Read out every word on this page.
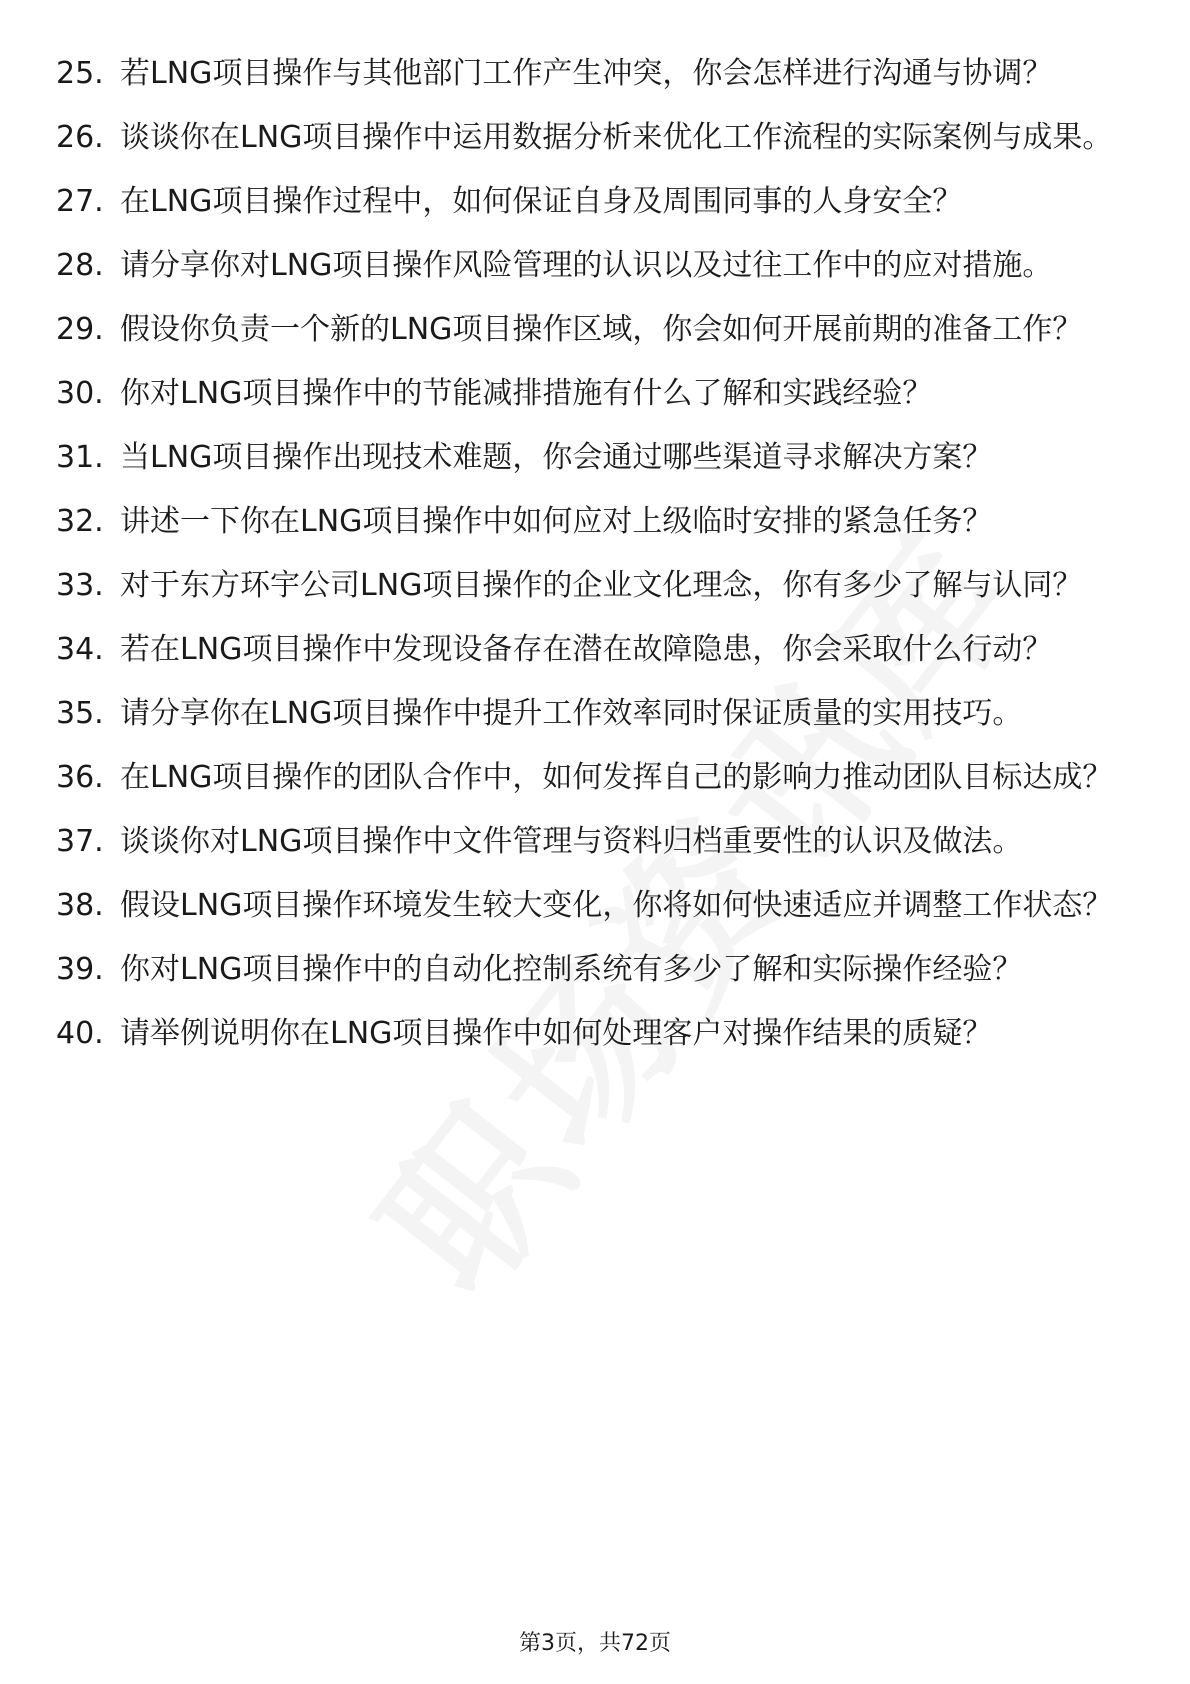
25. 若LNG项目操作与其他部门工作产生冲突，你会怎样进行沟通与协调？
26. 谈谈你在LNG项目操作中运用数据分析来优化工作流程的实际案例与成果。
27. 在LNG项目操作过程中，如何保证自身及周围同事的人身安全？
28. 请分享你对LNG项目操作风险管理的认识以及过往工作中的应对措施。
29. 假设你负责一个新的LNG项目操作区域，你会如何开展前期的准备工作？
30. 你对LNG项目操作中的节能减排措施有什么了解和实践经验？
31. 当LNG项目操作出现技术难题，你会通过哪些渠道寻求解决方案？
32. 讲述一下你在LNG项目操作中如何应对上级临时安排的紧急任务？
33. 对于东方环宇公司LNG项目操作的企业文化理念，你有多少了解与认同？
34. 若在LNG项目操作中发现设备存在潜在故障隐患，你会采取什么行动？
35. 请分享你在LNG项目操作中提升工作效率同时保证质量的实用技巧。
36. 在LNG项目操作的团队合作中，如何发挥自己的影响力推动团队目标达成？
37. 谈谈你对LNG项目操作中文件管理与资料归档重要性的认识及做法。
38. 假设LNG项目操作环境发生较大变化，你将如何快速适应并调整工作状态？
39. 你对LNG项目操作中的自动化控制系统有多少了解和实际操作经验？
40. 请举例说明你在LNG项目操作中如何处理客户对操作结果的质疑？
第3页，共72页
